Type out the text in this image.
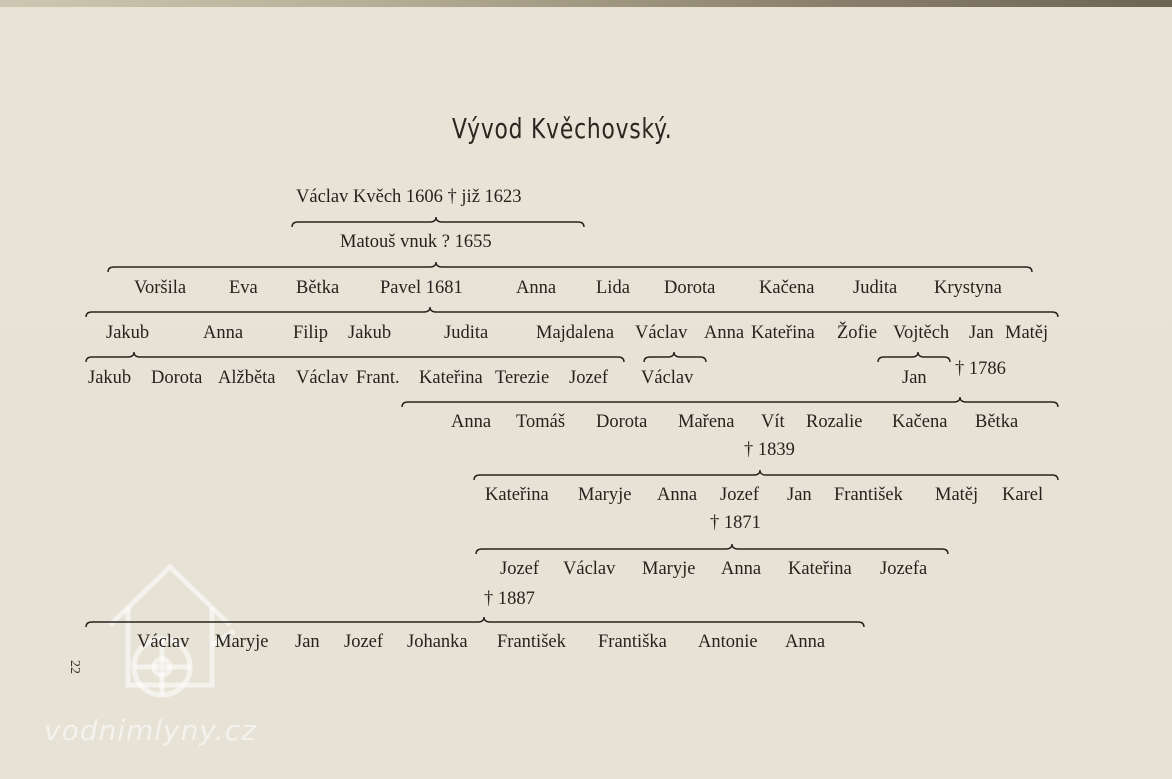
Vývod Kvěchovský.
Václav Kvěch 1606 † již 1623
Matouš vnuk ? 1655
Voršila Eva Bětka Pavel 1681	Anna Lida Dorota Kačena Judita Krystyna
Jakub	Anna	Filip Jakub	Judita	Majdalena Václav Anna Kateřina Žofie Vojtěch Jan Matěj
Jakub Dorota Alžběta Václav Frant. Kateřina Terezie Jozef Václav	Jan † 1786
Anna Tomáš Dorota Mařena Vít Rozalie Kačena Bětka
† 1839
Kateřina Maryje Anna Jozef Jan František Matěj Karel
† 1871
Jozef Václav Maryje Anna Kateřina Jozefa
† 1887
Václav Maryje Jan Jozef Johanka František Františka Antonie Anna
22
vodnimlyny.cz
